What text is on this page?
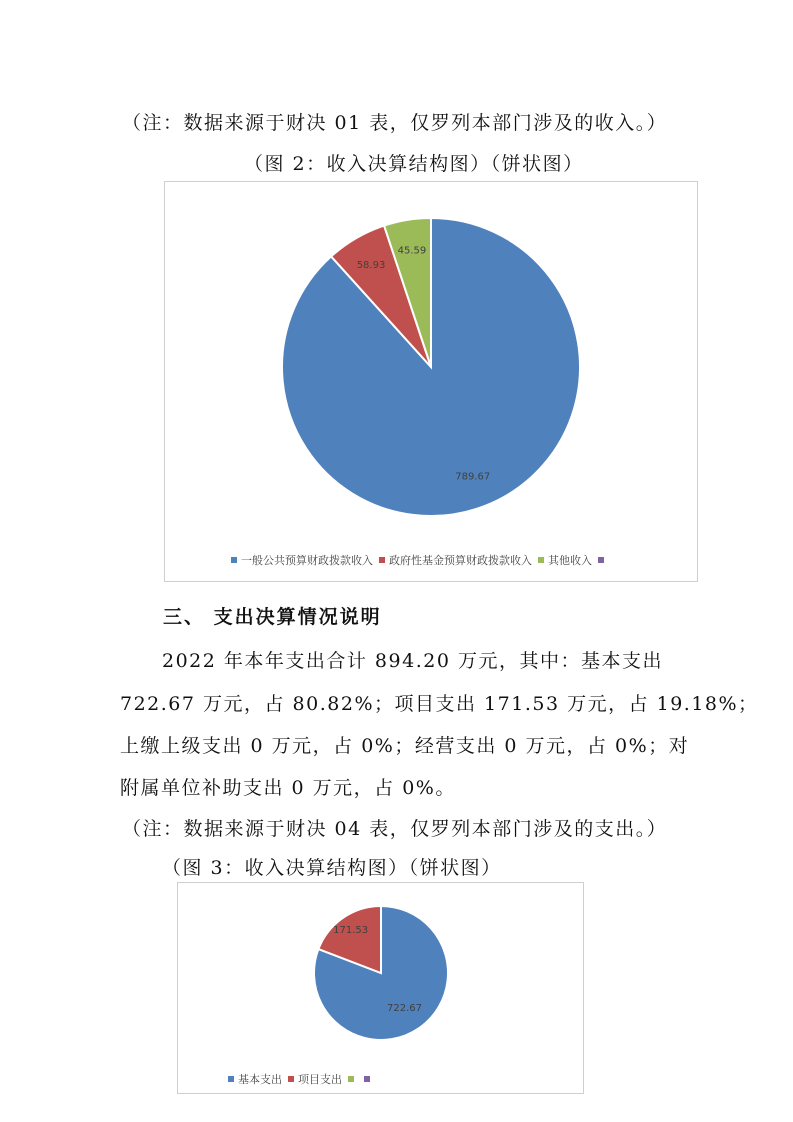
（注：数据来源于财决 01 表，仅罗列本部门涉及的收入。）
（图 2：收入决算结构图）（饼状图）
789.67
58.93
45.59
一般公共预算财政拨款收入 政府性基金预算财政拨款收入 其他收入
三、 支出决算情况说明
2022 年本年支出合计 894.20 万元，其中：基本支出
722.67 万元，占 80.82%；项目支出 171.53 万元，占 19.18%；
上缴上级支出 0 万元，占 0%；经营支出 0 万元，占 0%；对
附属单位补助支出 0 万元，占 0%。
（注：数据来源于财决 04 表，仅罗列本部门涉及的支出。）
（图 3：收入决算结构图）（饼状图）
722.67
171.53
基本支出 项目支出
